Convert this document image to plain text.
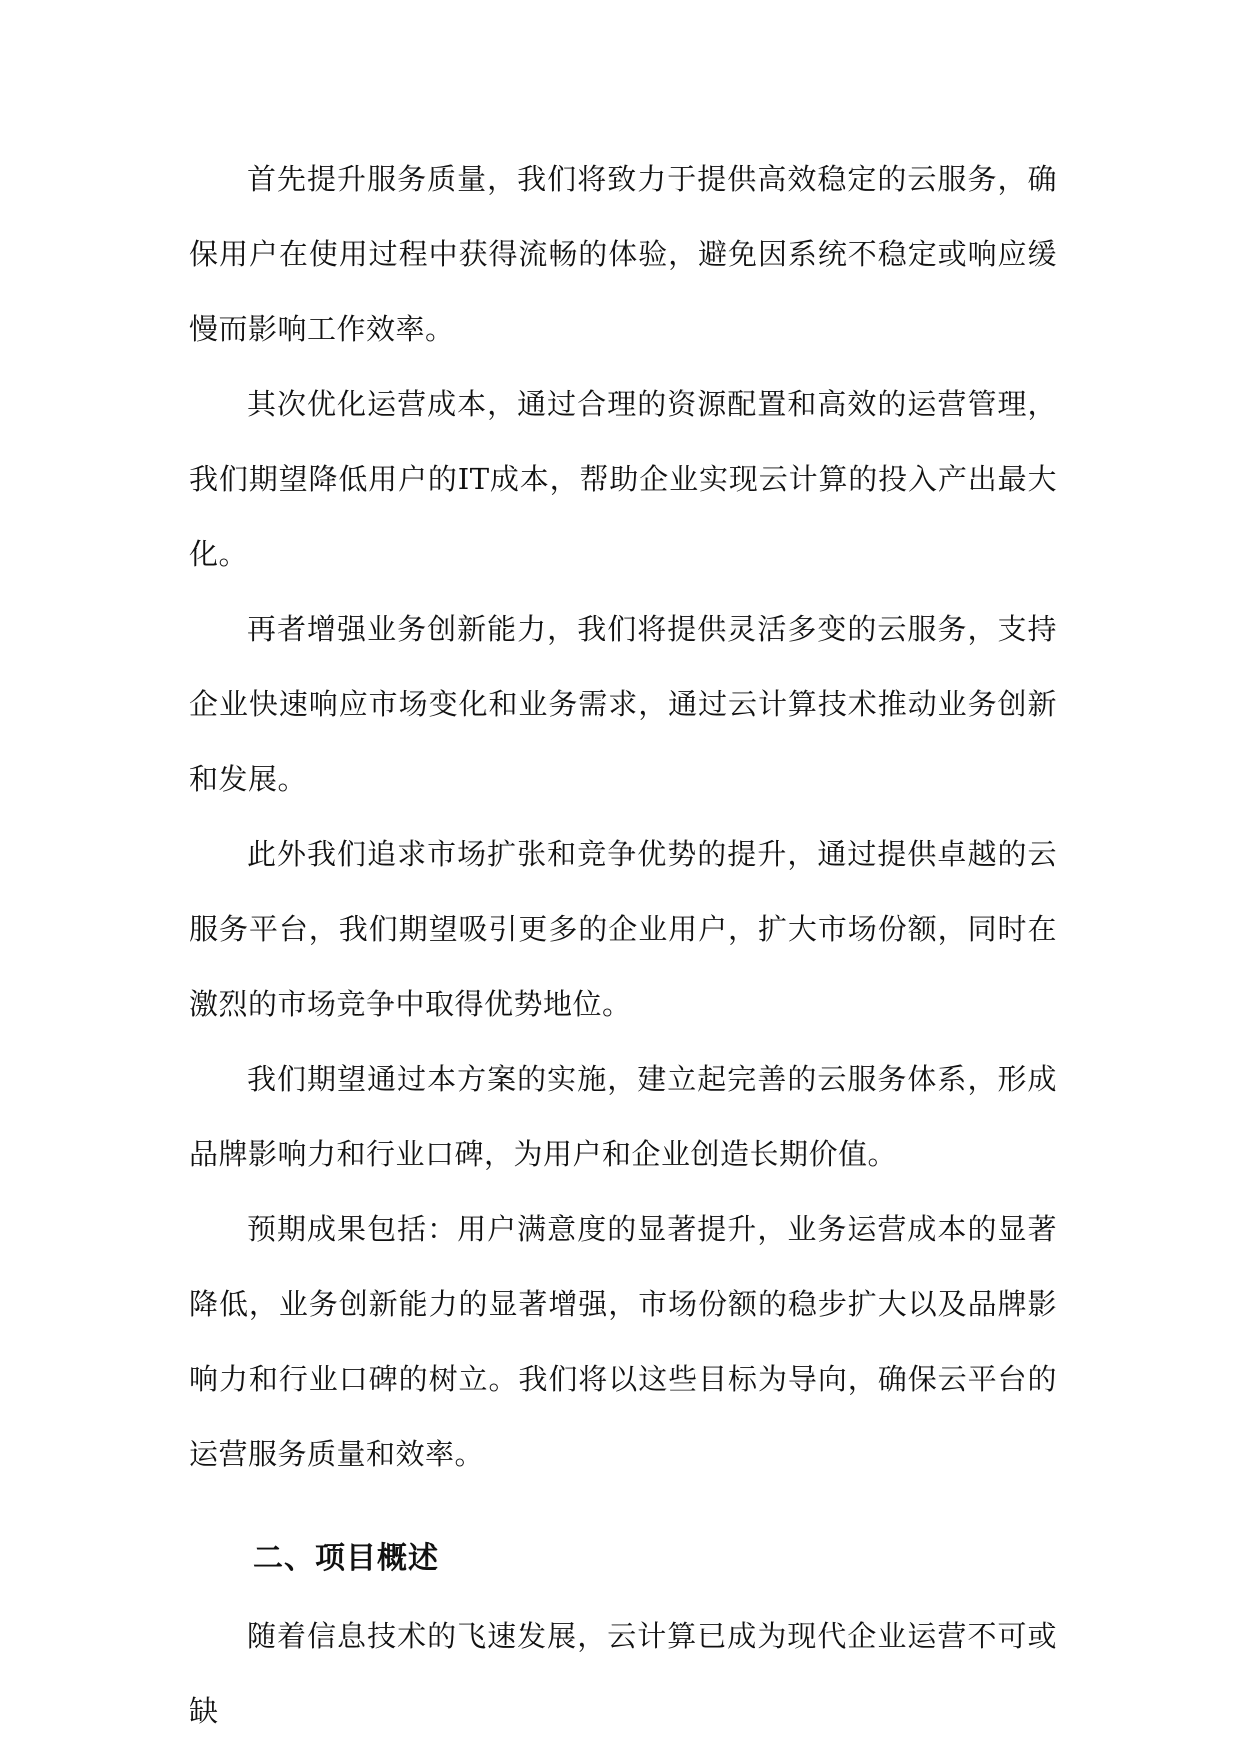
首先提升服务质量，我们将致力于提供高效稳定的云服务，确保用户在使用过程中获得流畅的体验，避免因系统不稳定或响应缓慢而影响工作效率。

其次优化运营成本，通过合理的资源配置和高效的运营管理，我们期望降低用户的IT成本，帮助企业实现云计算的投入产出最大化。

再者增强业务创新能力，我们将提供灵活多变的云服务，支持企业快速响应市场变化和业务需求，通过云计算技术推动业务创新和发展。

此外我们追求市场扩张和竞争优势的提升，通过提供卓越的云服务平台，我们期望吸引更多的企业用户，扩大市场份额，同时在激烈的市场竞争中取得优势地位。

我们期望通过本方案的实施，建立起完善的云服务体系，形成品牌影响力和行业口碑，为用户和企业创造长期价值。

预期成果包括：用户满意度的显著提升，业务运营成本的显著降低，业务创新能力的显著增强，市场份额的稳步扩大以及品牌影响力和行业口碑的树立。我们将以这些目标为导向，确保云平台的运营服务质量和效率。

二、项目概述

随着信息技术的飞速发展，云计算已成为现代企业运营不可或缺
